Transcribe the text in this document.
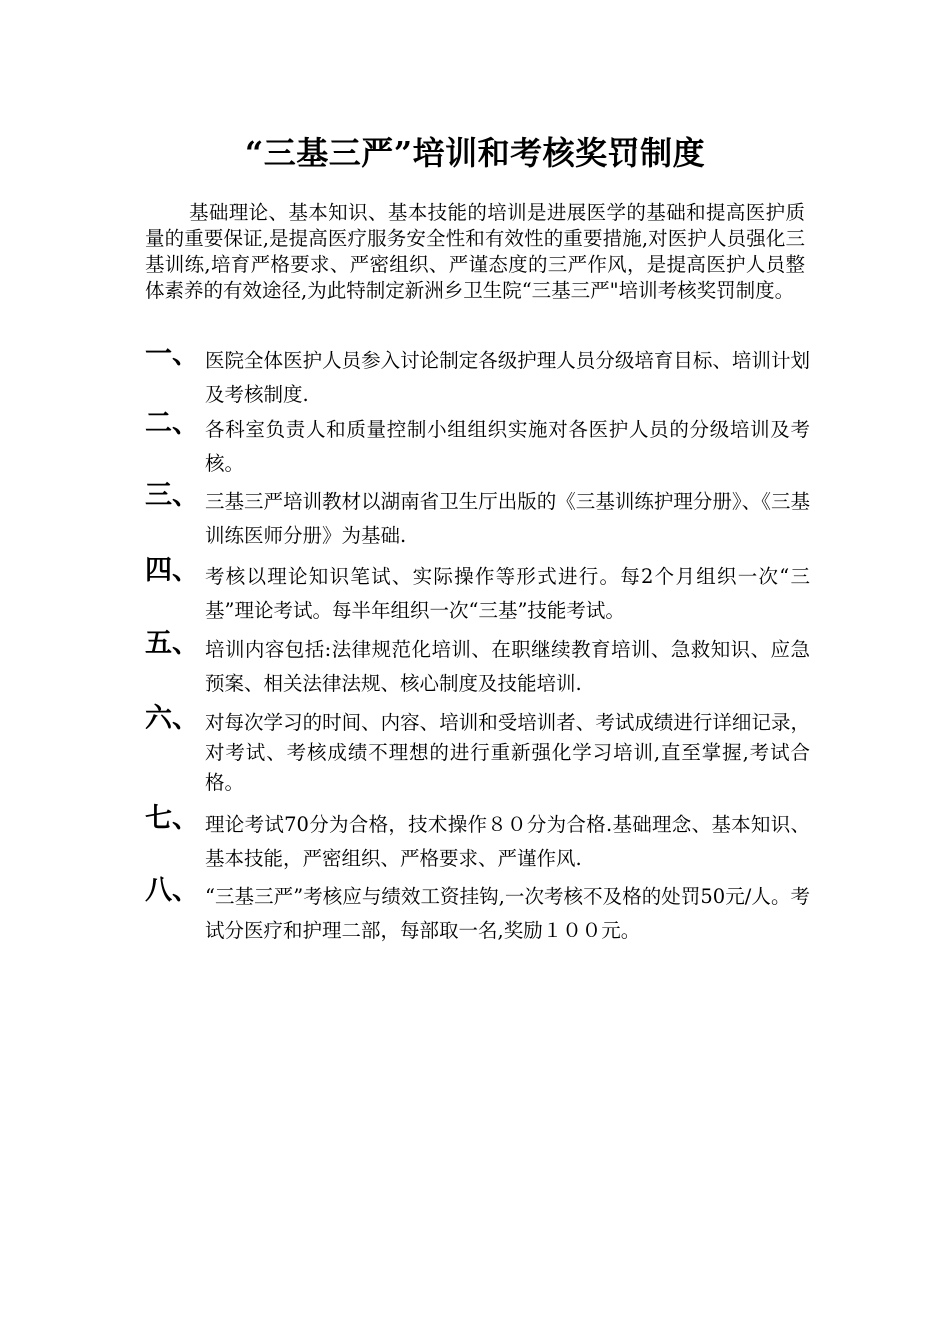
“三基三严”培训和考核奖罚制度

基础理论、基本知识、基本技能的培训是进展医学的基础和提高医护质量的重要保证,是提高医疗服务安全性和有效性的重要措施,对医护人员强化三基训练,培育严格要求、严密组织、严谨态度的三严作风，是提高医护人员整体素养的有效途径,为此特制定新洲乡卫生院“三基三严"培训考核奖罚制度。

一、 医院全体医护人员参入讨论制定各级护理人员分级培育目标、培训计划及考核制度.
二、 各科室负责人和质量控制小组组织实施对各医护人员的分级培训及考核。
三、 三基三严培训教材以湖南省卫生厅出版的《三基训练护理分册》、《三基训练医师分册》为基础.
四、 考核以理论知识笔试、实际操作等形式进行。每2个月组织一次“三基”理论考试。每半年组织一次“三基”技能考试。
五、 培训内容包括:法律规范化培训、在职继续教育培训、急救知识、应急预案、相关法律法规、核心制度及技能培训.
六、 对每次学习的时间、内容、培训和受培训者、考试成绩进行详细记录，对考试、考核成绩不理想的进行重新强化学习培训,直至掌握,考试合格。
七、 理论考试70分为合格，技术操作８０分为合格.基础理念、基本知识、基本技能，严密组织、严格要求、严谨作风.
八、 “三基三严”考核应与绩效工资挂钩,一次考核不及格的处罚50元/人。考试分医疗和护理二部，每部取一名,奖励１００元。
